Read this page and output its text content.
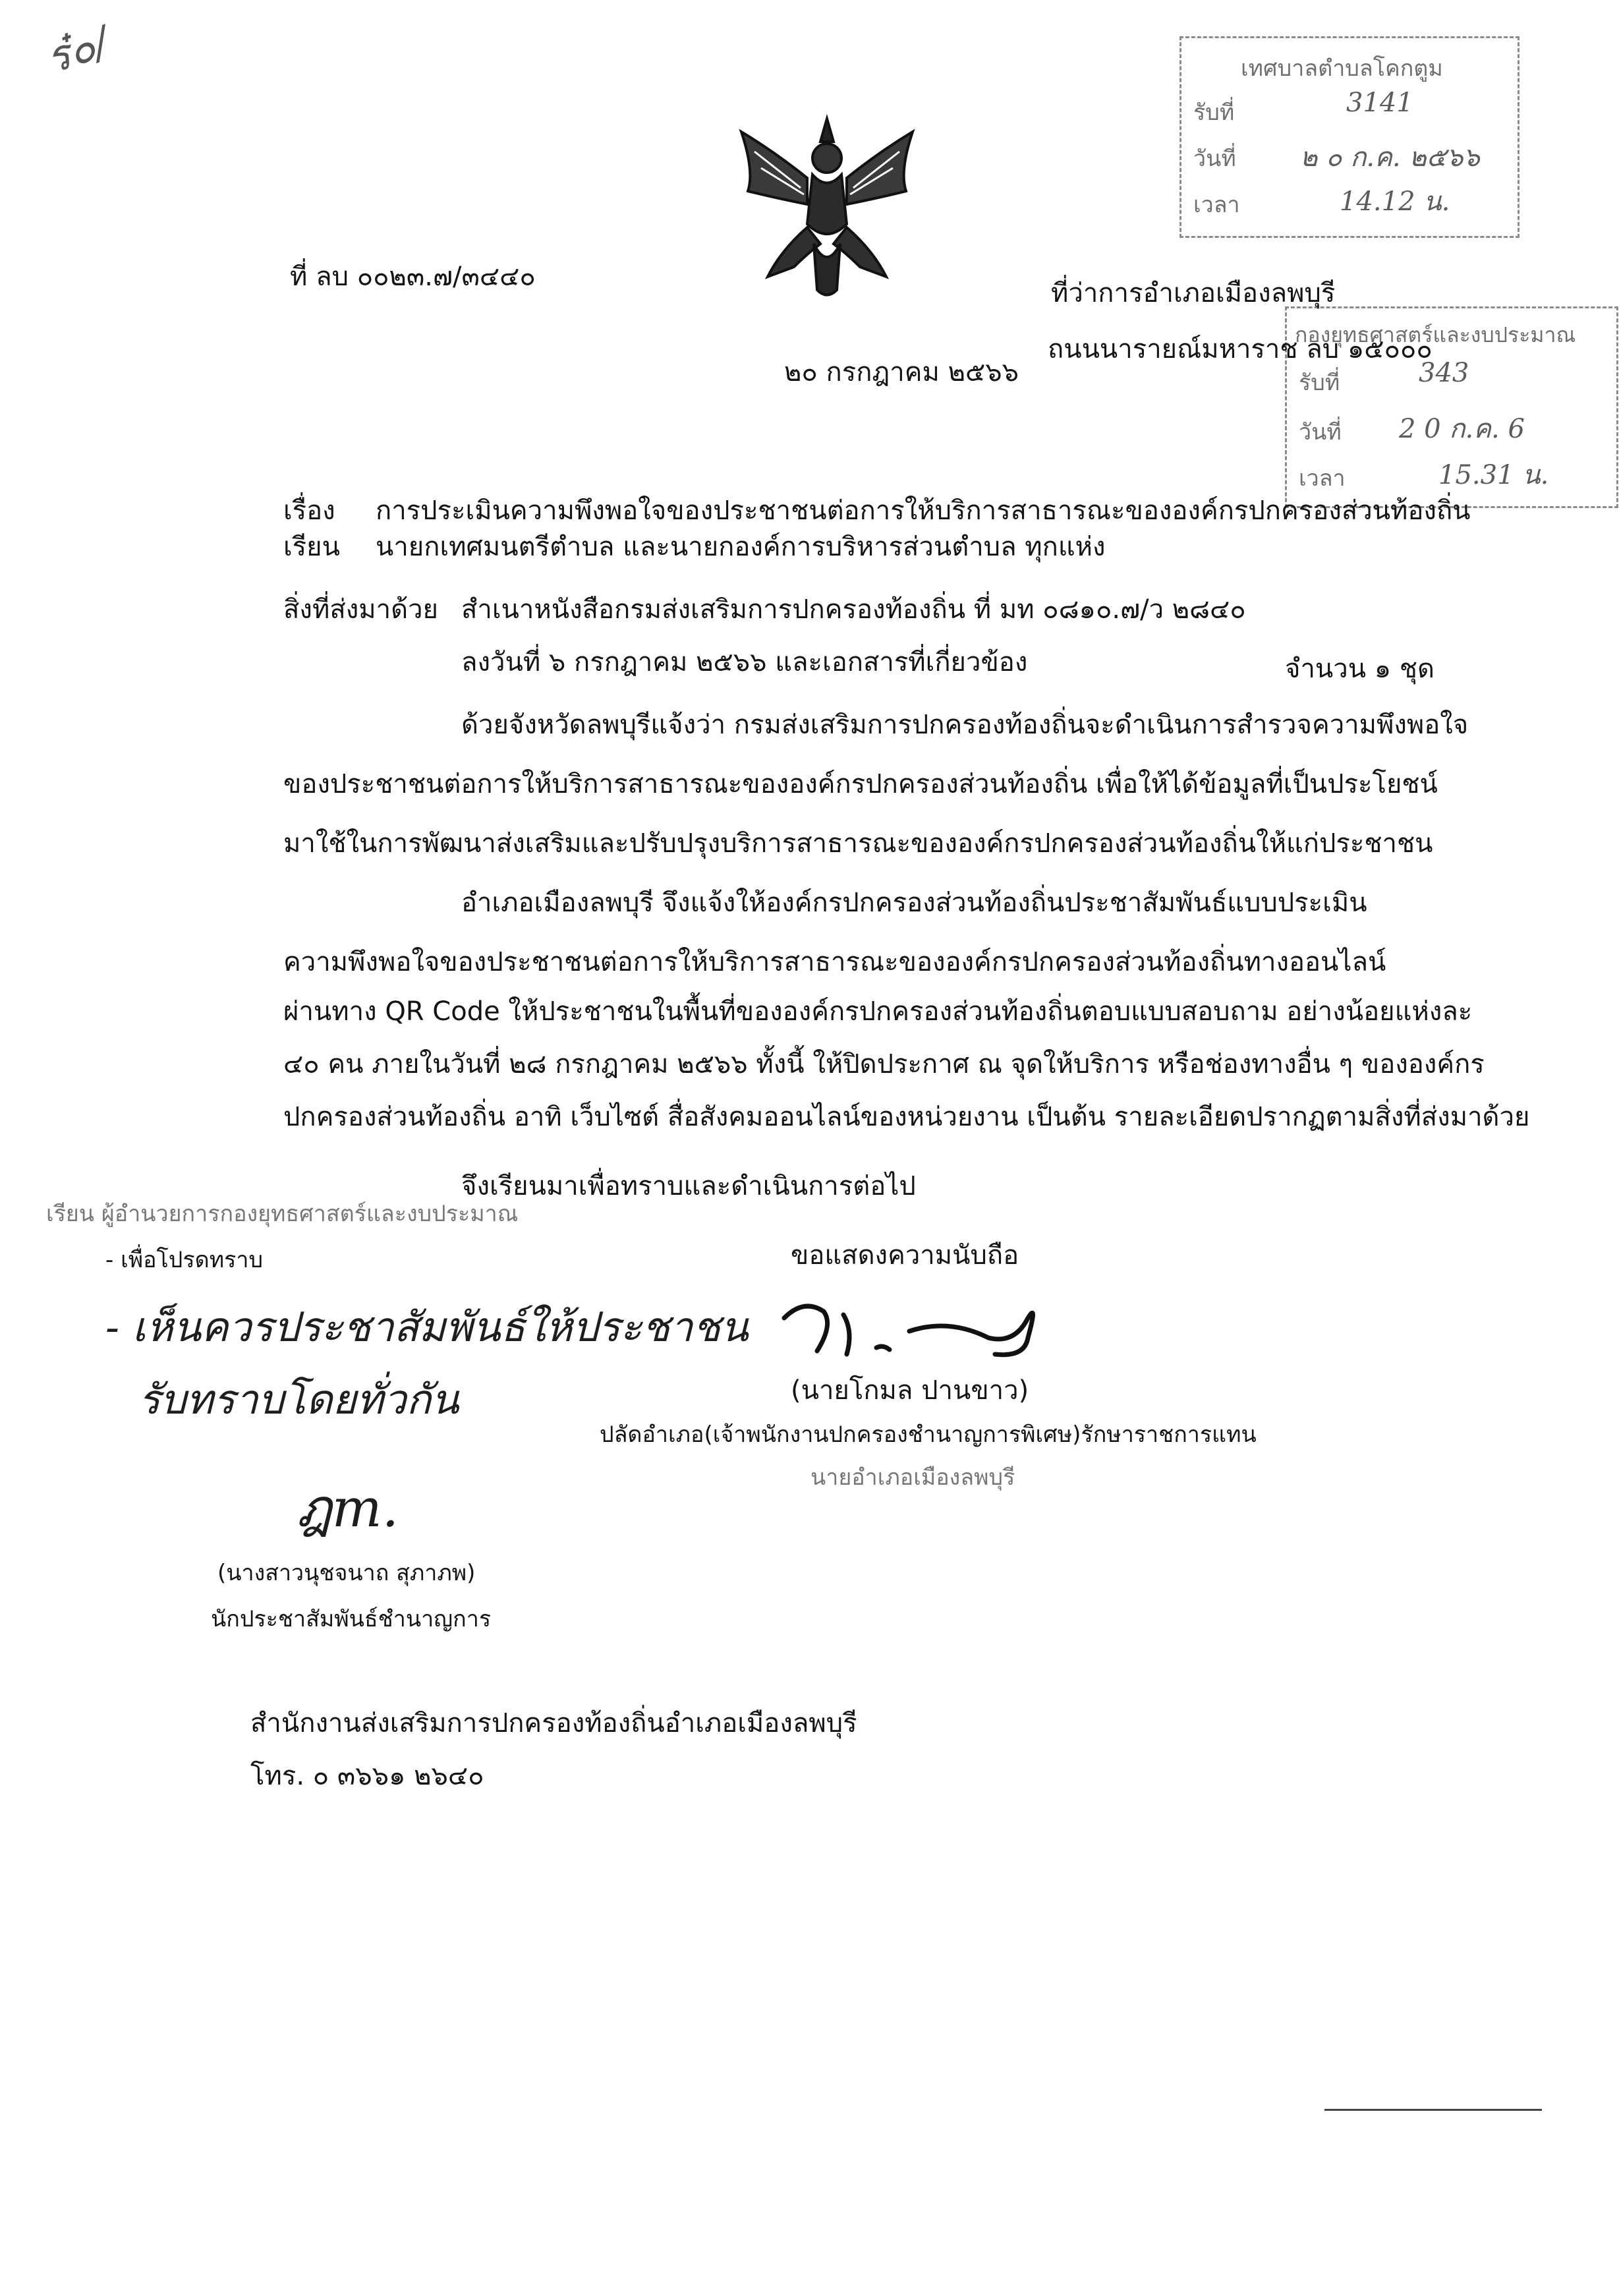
ร๋๐/	เทศบาลตำบลโคกตูม
รับที่	3141
วันที่ ๒ ๐ ก.ค. ๒๕๖๖
เวลา	14.12 น.
กองยุทธศาสตร์และงบประมาณ
รับที่	343
วันที่ 2 0 ก.ค. 6
เวลา	15.31 น.
ที่ ลบ ๐๐๒๓.๗/๓๔๔๐
ที่ว่าการอำเภอเมืองลพบุรี
ถนนนารายณ์มหาราช ลบ ๑๕๐๐๐
๒๐ กรกฎาคม ๒๕๖๖
เรื่อง การประเมินความพึงพอใจของประชาชนต่อการให้บริการสาธารณะขององค์กรปกครองส่วนท้องถิ่น
เรียน นายกเทศมนตรีตำบล และนายกองค์การบริหารส่วนตำบล ทุกแห่ง
สิ่งที่ส่งมาด้วย สำเนาหนังสือกรมส่งเสริมการปกครองท้องถิ่น ที่ มท ๐๘๑๐.๗/ว ๒๘๔๐
ลงวันที่ ๖ กรกฎาคม ๒๕๖๖ และเอกสารที่เกี่ยวข้อง	จำนวน ๑ ชุด
ด้วยจังหวัดลพบุรีแจ้งว่า กรมส่งเสริมการปกครองท้องถิ่นจะดำเนินการสำรวจความพึงพอใจ
ของประชาชนต่อการให้บริการสาธารณะขององค์กรปกครองส่วนท้องถิ่น เพื่อให้ได้ข้อมูลที่เป็นประโยชน์
มาใช้ในการพัฒนาส่งเสริมและปรับปรุงบริการสาธารณะขององค์กรปกครองส่วนท้องถิ่นให้แก่ประชาชน
อำเภอเมืองลพบุรี จึงแจ้งให้องค์กรปกครองส่วนท้องถิ่นประชาสัมพันธ์แบบประเมิน
ความพึงพอใจของประชาชนต่อการให้บริการสาธารณะขององค์กรปกครองส่วนท้องถิ่นทางออนไลน์
ผ่านทาง QR Code ให้ประชาชนในพื้นที่ขององค์กรปกครองส่วนท้องถิ่นตอบแบบสอบถาม อย่างน้อยแห่งละ
๔๐ คน ภายในวันที่ ๒๘ กรกฎาคม ๒๕๖๖ ทั้งนี้ ให้ปิดประกาศ ณ จุดให้บริการ หรือช่องทางอื่น ๆ ขององค์กร
ปกครองส่วนท้องถิ่น อาทิ เว็บไซต์ สื่อสังคมออนไลน์ของหน่วยงาน เป็นต้น รายละเอียดปรากฏตามสิ่งที่ส่งมาด้วย
จึงเรียนมาเพื่อทราบและดำเนินการต่อไป
เรียน ผู้อำนวยการกองยุทธศาสตร์และงบประมาณ
- เพื่อโปรดทราบ
- เห็นควรประชาสัมพันธ์ให้ประชาชน
รับทราบโดยทั่วกัน
ฎm.
(นางสาวนุชจนาถ สุภาภพ)
นักประชาสัมพันธ์ชำนาญการ
ขอแสดงความนับถือ
(นายโกมล ปานขาว)
ปลัดอำเภอ(เจ้าพนักงานปกครองชำนาญการพิเศษ)รักษาราชการแทน
นายอำเภอเมืองลพบุรี
สำนักงานส่งเสริมการปกครองท้องถิ่นอำเภอเมืองลพบุรี
โทร. ๐ ๓๖๖๑ ๒๖๔๐
